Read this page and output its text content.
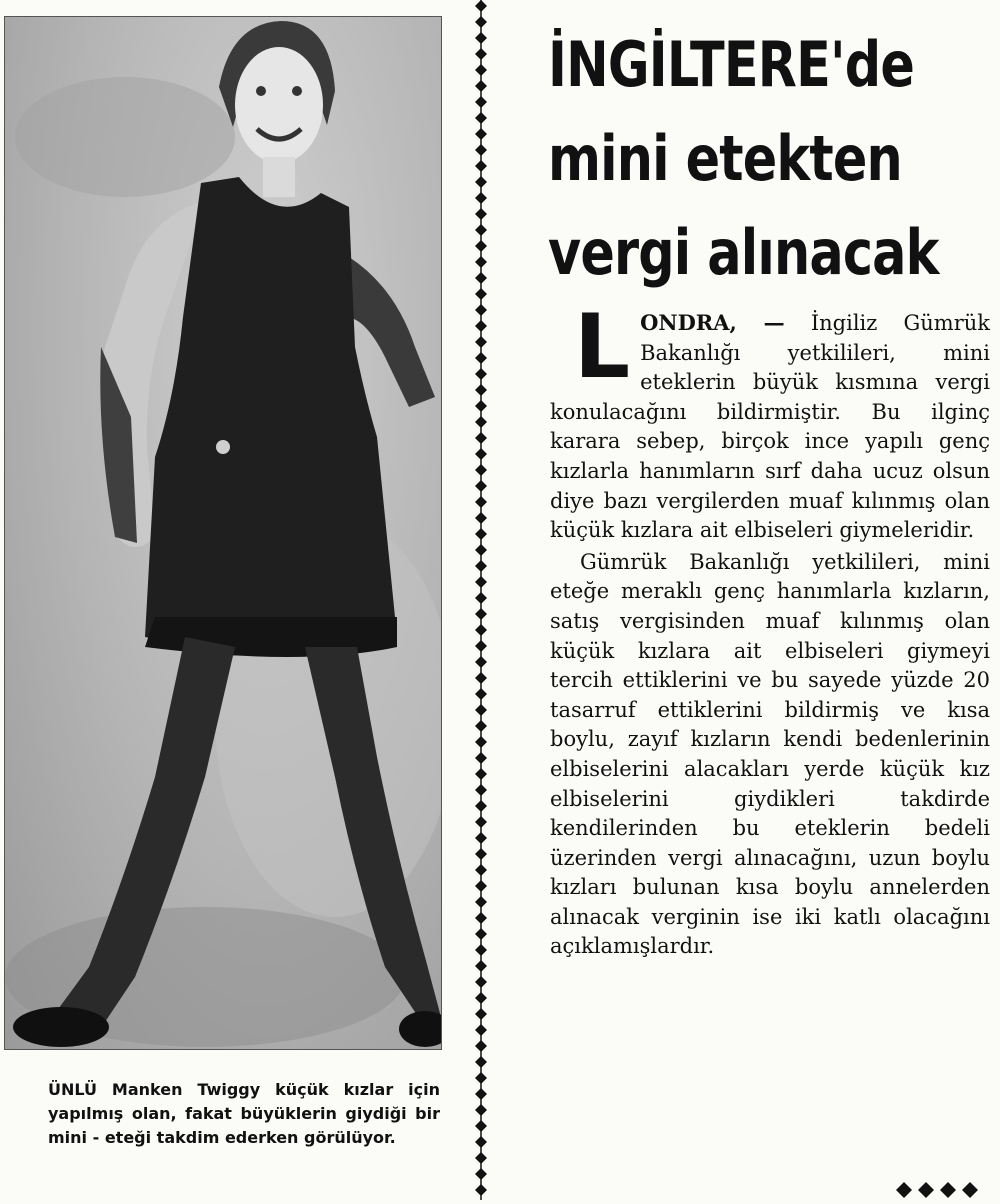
ÜNLÜ Manken Twiggy küçük kızlar için yapılmış olan, fakat büyüklerin giydiği bir mini - eteği takdim ederken görülüyor.

İNGİLTERE'de
mini etekten
vergi alınacak

LONDRA, — İngiliz Gümrük Bakanlığı yetkilileri, mini eteklerin büyük kısmına vergi konulacağını bildirmiştir. Bu ilginç karara sebep, birçok ince yapılı genç kızlarla hanımların sırf daha ucuz olsun diye bazı vergilerden muaf kılınmış olan küçük kızlara ait elbiseleri giymeleridir.

Gümrük Bakanlığı yetkilileri, mini eteğe meraklı genç hanımlarla kızların, satış vergisinden muaf kılınmış olan küçük kızlara ait elbiseleri giymeyi tercih ettiklerini ve bu sayede yüzde 20 tasarruf ettiklerini bildirmiş ve kısa boylu, zayıf kızların kendi bedenlerinin elbiselerini alacakları yerde küçük kız elbiselerini giydikleri takdirde kendilerinden bu eteklerin bedeli üzerinden vergi alınacağını, uzun boylu kızları bulunan kısa boylu annelerden alınacak verginin ise iki katlı olacağını açıklamışlardır.
